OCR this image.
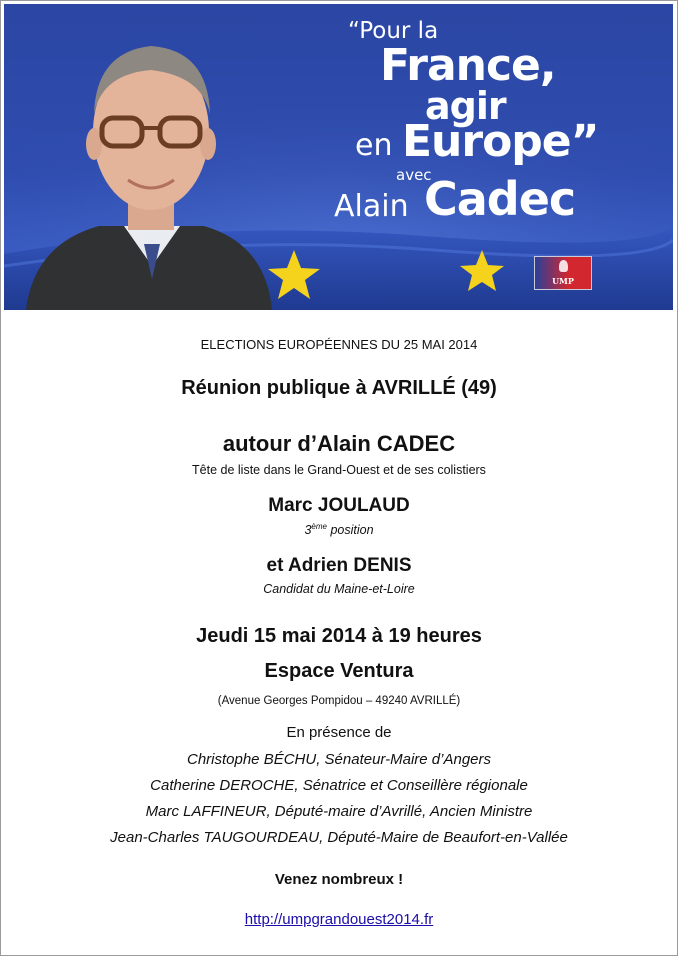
“Pour la
France,
agir
en Europe”
avec
Alain Cadec
UMP
ELECTIONS EUROPÉENNES DU 25 MAI 2014
Réunion publique à AVRILLÉ (49)
autour d’Alain CADEC
Tête de liste dans le Grand-Ouest et de ses colistiers
Marc JOULAUD
3ème position
et Adrien DENIS
Candidat du Maine-et-Loire
Jeudi 15 mai 2014 à 19 heures
Espace Ventura
(Avenue Georges Pompidou – 49240 AVRILLÉ)
En présence de
Christophe BÉCHU, Sénateur-Maire d’Angers
Catherine DEROCHE, Sénatrice et Conseillère régionale
Marc LAFFINEUR, Député-maire d’Avrillé, Ancien Ministre
Jean-Charles TAUGOURDEAU, Député-Maire de Beaufort-en-Vallée
Venez nombreux !
http://umpgrandouest2014.fr
